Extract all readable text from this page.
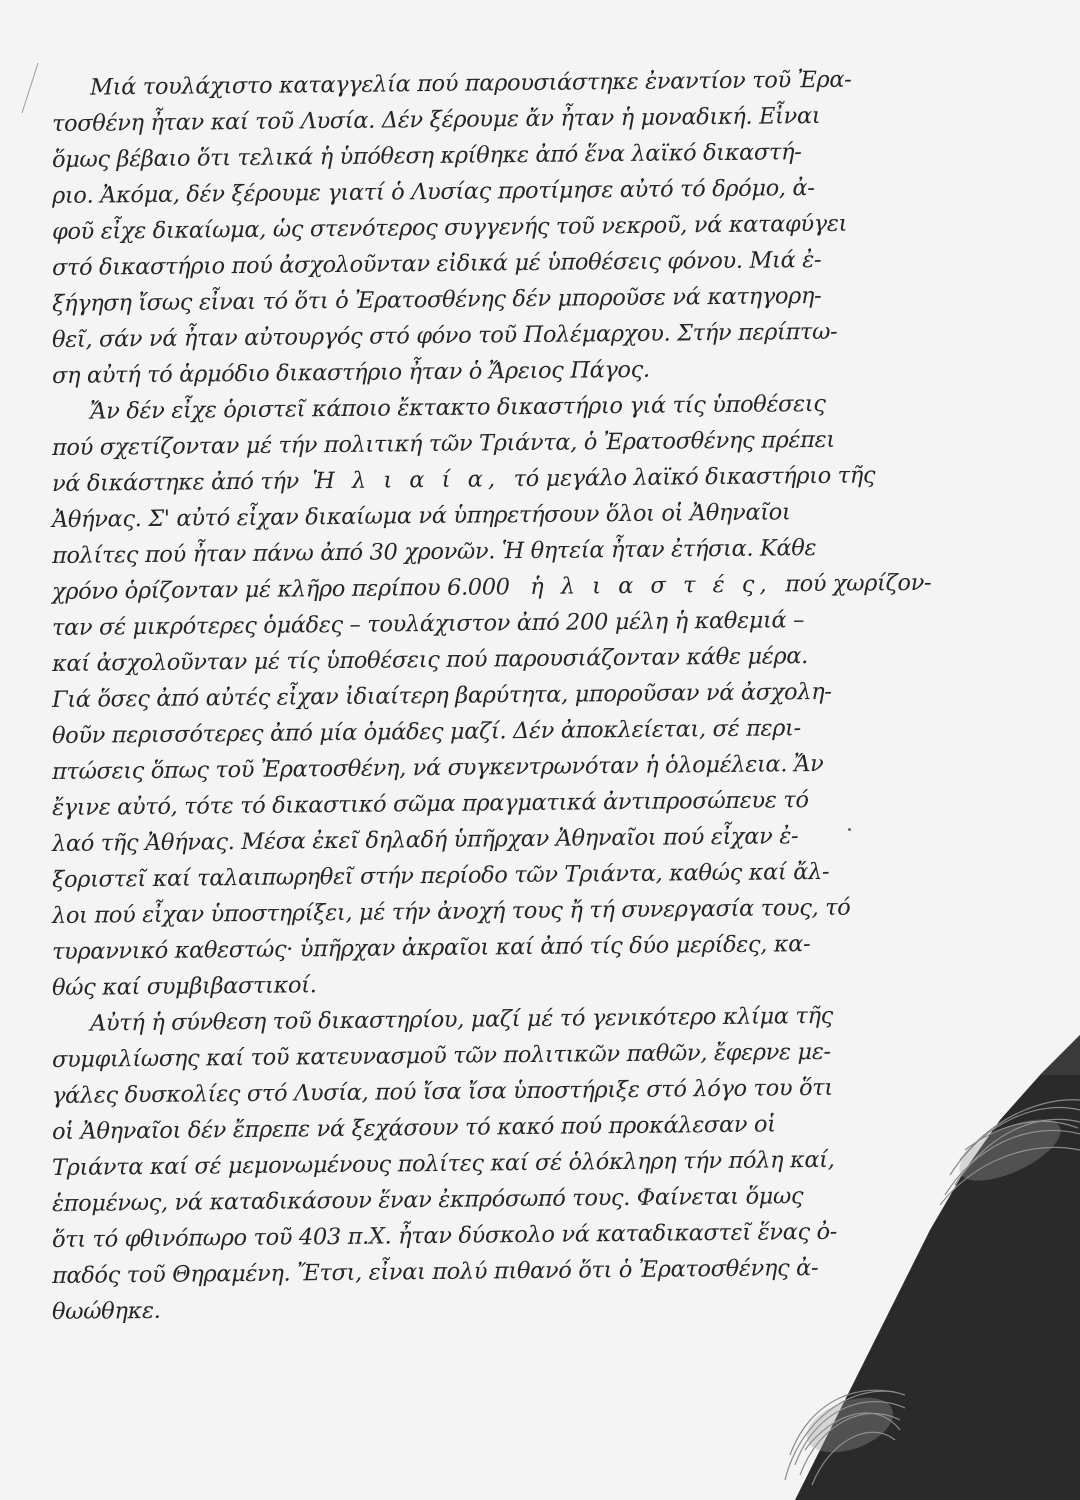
Μιά τουλάχιστο καταγγελία πού παρουσιάστηκε ἐναντίον τοῦ Ἐρα-
τοσθένη ἦταν καί τοῦ Λυσία. Δέν ξέρουμε ἄν ἦταν ἡ μοναδική. Εἶναι
ὅμως βέβαιο ὅτι τελικά ἡ ὑπόθεση κρίθηκε ἀπό ἕνα λαϊκό δικαστή-
ριο. Ἀκόμα, δέν ξέρουμε γιατί ὁ Λυσίας προτίμησε αὐτό τό δρόμο, ἀ-
φοῦ εἶχε δικαίωμα, ὡς στενότερος συγγενής τοῦ νεκροῦ, νά καταφύγει
στό δικαστήριο πού ἀσχολοῦνταν εἰδικά μέ ὑποθέσεις φόνου. Μιά ἐ-
ξήγηση ἴσως εἶναι τό ὅτι ὁ Ἐρατοσθένης δέν μποροῦσε νά κατηγορη-
θεῖ, σάν νά ἦταν αὐτουργός στό φόνο τοῦ Πολέμαρχου. Στήν περίπτω-
ση αὐτή τό ἁρμόδιο δικαστήριο ἦταν ὁ Ἄρειος Πάγος.
Ἄν δέν εἶχε ὁριστεῖ κάποιο ἔκτακτο δικαστήριο γιά τίς ὑποθέσεις
πού σχετίζονταν μέ τήν πολιτική τῶν Τριάντα, ὁ Ἐρατοσθένης πρέπει
νά δικάστηκε ἀπό τήν Ἡ λ ι α ί α, τό μεγάλο λαϊκό δικαστήριο τῆς
Ἀθήνας. Σ' αὐτό εἶχαν δικαίωμα νά ὑπηρετήσουν ὅλοι οἱ Ἀθηναῖοι
πολίτες πού ἦταν πάνω ἀπό 30 χρονῶν. Ἡ θητεία ἦταν ἐτήσια. Κάθε
χρόνο ὁρίζονταν μέ κλῆρο περίπου 6.000 ἡ λ ι α σ τ έ ς, πού χωρίζον-
ταν σέ μικρότερες ὁμάδες – τουλάχιστον ἀπό 200 μέλη ἡ καθεμιά –
καί ἀσχολοῦνταν μέ τίς ὑποθέσεις πού παρουσιάζονταν κάθε μέρα.
Γιά ὅσες ἀπό αὐτές εἶχαν ἰδιαίτερη βαρύτητα, μποροῦσαν νά ἀσχολη-
θοῦν περισσότερες ἀπό μία ὁμάδες μαζί. Δέν ἀποκλείεται, σέ περι-
πτώσεις ὅπως τοῦ Ἐρατοσθένη, νά συγκεντρωνόταν ἡ ὁλομέλεια. Ἄν
ἔγινε αὐτό, τότε τό δικαστικό σῶμα πραγματικά ἀντιπροσώπευε τό
λαό τῆς Ἀθήνας. Μέσα ἐκεῖ δηλαδή ὑπῆρχαν Ἀθηναῖοι πού εἶχαν ἐ-
ξοριστεῖ καί ταλαιπωρηθεῖ στήν περίοδο τῶν Τριάντα, καθώς καί ἄλ-
λοι πού εἶχαν ὑποστηρίξει, μέ τήν ἀνοχή τους ἤ τή συνεργασία τους, τό
τυραννικό καθεστώς· ὑπῆρχαν ἀκραῖοι καί ἀπό τίς δύο μερίδες, κα-
θώς καί συμβιβαστικοί.
Αὐτή ἡ σύνθεση τοῦ δικαστηρίου, μαζί μέ τό γενικότερο κλίμα τῆς
συμφιλίωσης καί τοῦ κατευνασμοῦ τῶν πολιτικῶν παθῶν, ἔφερνε με-
γάλες δυσκολίες στό Λυσία, πού ἴσα ἴσα ὑποστήριξε στό λόγο του ὅτι
οἱ Ἀθηναῖοι δέν ἔπρεπε νά ξεχάσουν τό κακό πού προκάλεσαν οἱ
Τριάντα καί σέ μεμονωμένους πολίτες καί σέ ὁλόκληρη τήν πόλη καί,
ἑπομένως, νά καταδικάσουν ἕναν ἐκπρόσωπό τους. Φαίνεται ὅμως
ὅτι τό φθινόπωρο τοῦ 403 π.Χ. ἦταν δύσκολο νά καταδικαστεῖ ἕνας ὀ-
παδός τοῦ Θηραμένη. Ἔτσι, εἶναι πολύ πιθανό ὅτι ὁ Ἐρατοσθένης ἀ-
θωώθηκε.
